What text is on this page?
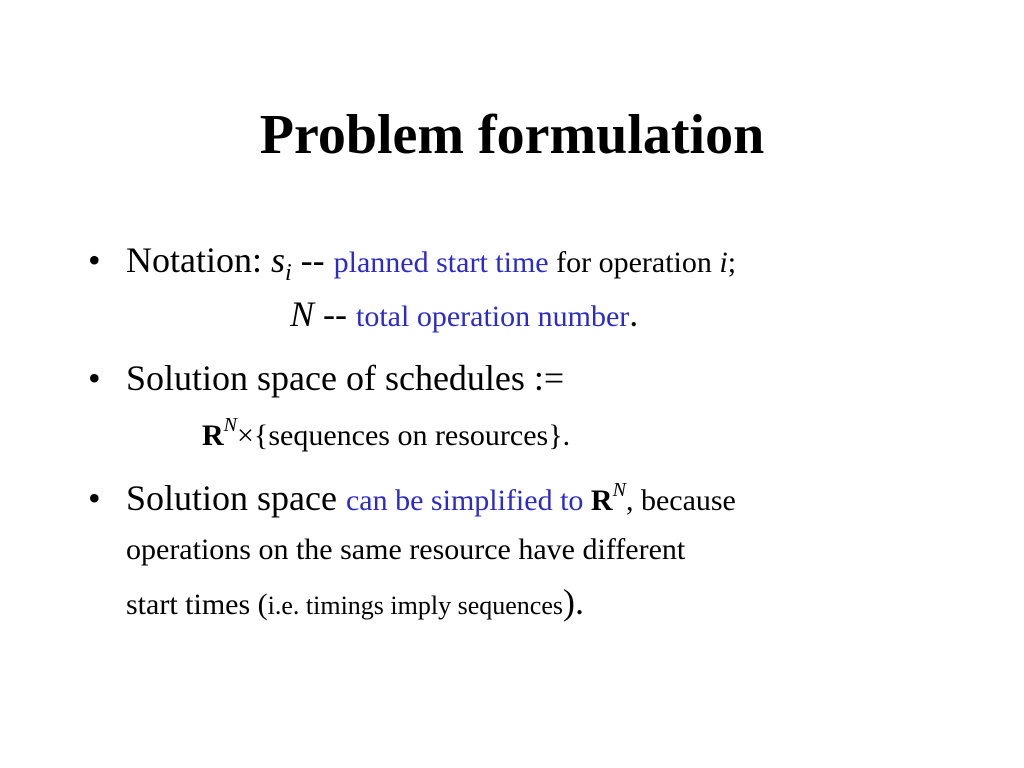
Problem formulation
• Notation: $s_i$ -- planned start time for operation i;
N -- total operation number.
• Solution space of schedules :=
$R^N\times\{sequences$ on resources}.
• Solution space can be simplified to $R^N$, because
operations on the same resource have different
start times (i.e. timings imply sequences).
